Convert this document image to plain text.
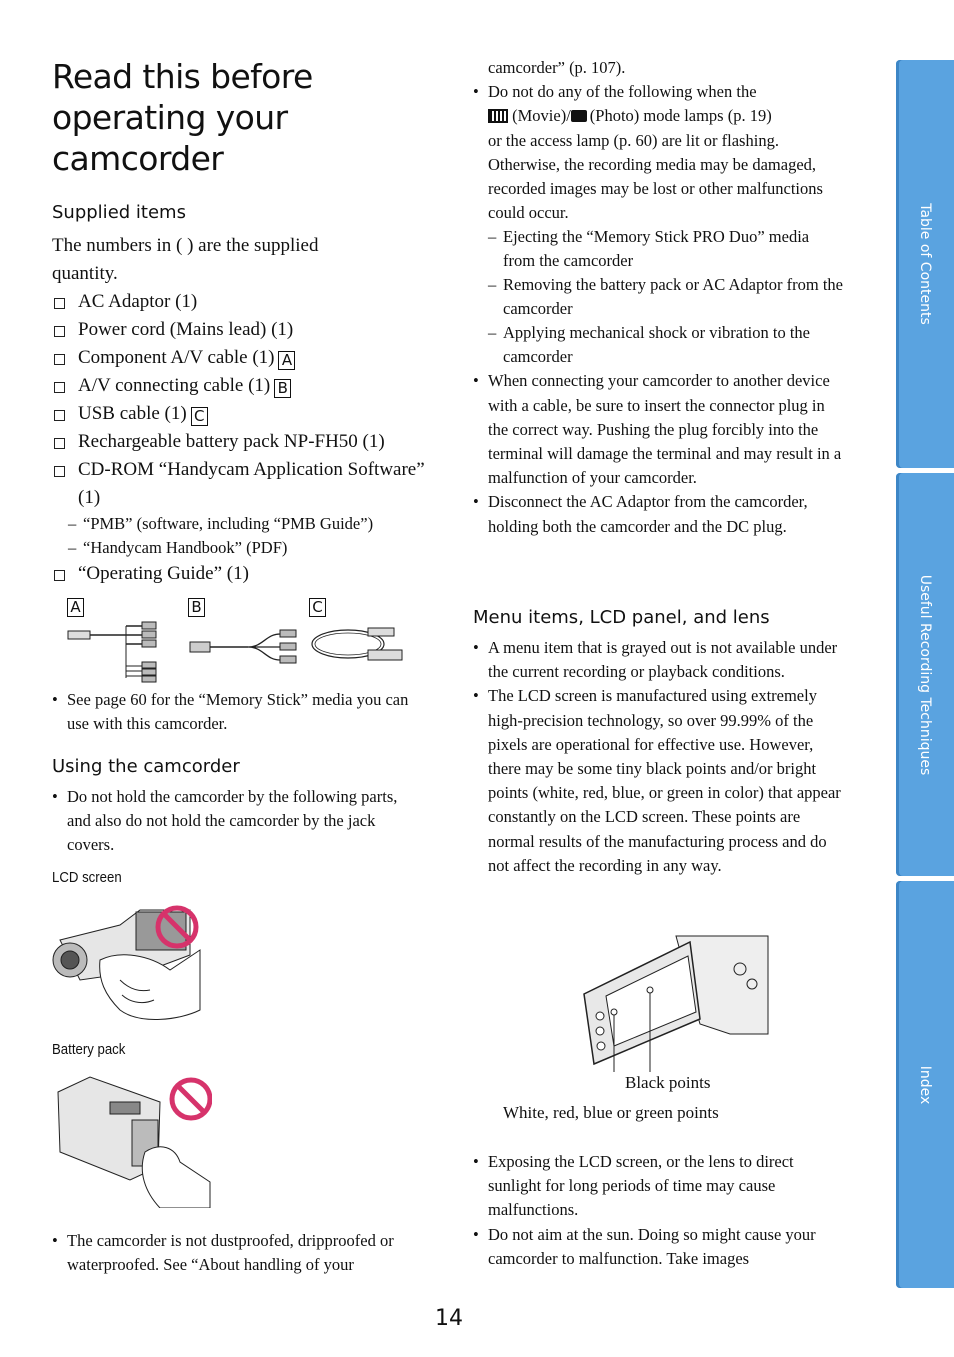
Read this before operating your camcorder
Supplied items
The numbers in ( ) are the supplied quantity.
AC Adaptor (1)
Power cord (Mains lead) (1)
Component A/V cable (1) A
A/V connecting cable (1) B
USB cable (1) C
Rechargeable battery pack NP-FH50 (1)
CD-ROM “Handycam Application Software” (1)
– “PMB” (software, including “PMB Guide”)
– “Handycam Handbook” (PDF)
“Operating Guide” (1)
A	B	C
• See page 60 for the “Memory Stick” media you can use with this camcorder.
Using the camcorder
• Do not hold the camcorder by the following parts, and also do not hold the camcorder by the jack covers.
LCD screen
Battery pack
• The camcorder is not dustproofed, dripproofed or waterproofed. See “About handling of your
camcorder” (p. 107).
• Do not do any of the following when the
(Movie)/ (Photo) mode lamps (p. 19)
or the access lamp (p. 60) are lit or flashing. Otherwise, the recording media may be damaged, recorded images may be lost or other malfunctions could occur.
– Ejecting the “Memory Stick PRO Duo” media from the camcorder
– Removing the battery pack or AC Adaptor from the camcorder
– Applying mechanical shock or vibration to the camcorder
• When connecting your camcorder to another device with a cable, be sure to insert the connector plug in the correct way. Pushing the plug forcibly into the terminal will damage the terminal and may result in a malfunction of your camcorder.
• Disconnect the AC Adaptor from the camcorder, holding both the camcorder and the DC plug.
Menu items, LCD panel, and lens
• A menu item that is grayed out is not available under the current recording or playback conditions.
• The LCD screen is manufactured using extremely high-precision technology, so over 99.99% of the pixels are operational for effective use. However, there may be some tiny black points and/or bright points (white, red, blue, or green in color) that appear constantly on the LCD screen. These points are normal results of the manufacturing process and do not affect the recording in any way.
Black points
White, red, blue or green points
• Exposing the LCD screen, or the lens to direct sunlight for long periods of time may cause malfunctions.
• Do not aim at the sun. Doing so might cause your camcorder to malfunction. Take images
Table of Contents
Useful Recording Techniques
Index
14
